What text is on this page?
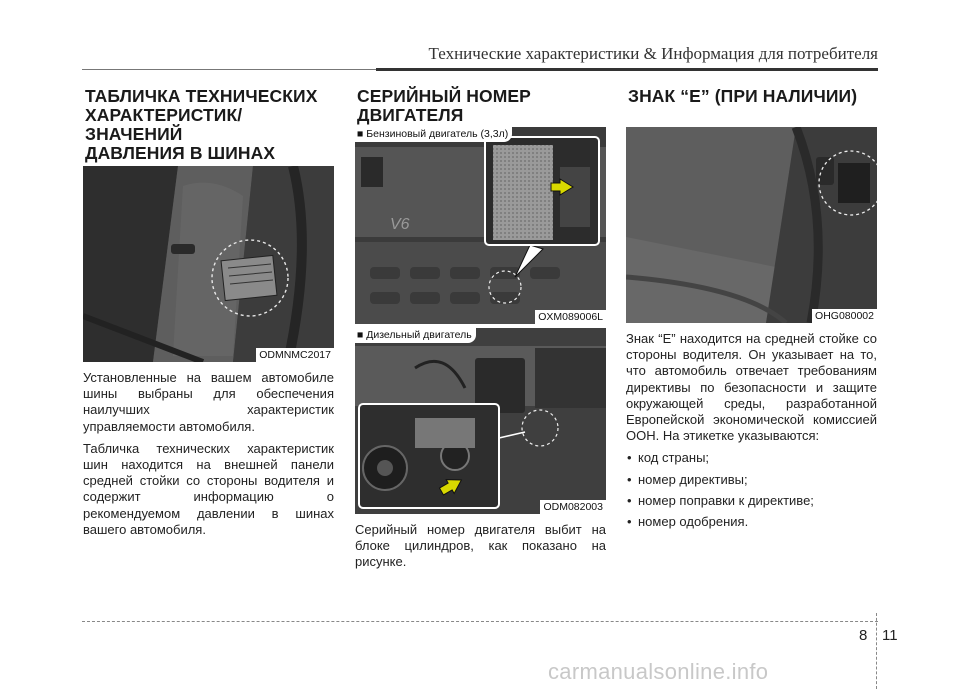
Технические характеристики & Информация для потребителя
ТАБЛИЧКА ТЕХНИЧЕСКИХ
ХАРАКТЕРИСТИК/ЗНАЧЕНИЙ
ДАВЛЕНИЯ В ШИНАХ
ODMNMC2017

Установленные на вашем автомобиле шины выбраны для обеспечения наилучших характеристик управляемости автомобиля.

Табличка технических характеристик шин находится на внешней панели средней стойки со стороны водителя и содержит информацию о рекомендуемом давлении в шинах вашего автомобиля.

СЕРИЙНЫЙ НОМЕР
ДВИГАТЕЛЯ
V6
■ Бензиновый двигатель (3,3л)
OXM089006L
■ Дизельный двигатель
ODM082003

Серийный номер двигателя выбит на блоке цилиндров, как показано на рисунке.

ЗНАК “E” (ПРИ НАЛИЧИИ)
OHG080002

Знак “E” находится на средней стойке со стороны водителя. Он указывает на то, что автомобиль отвечает требованиям директивы по безопасности и защите окружающей среды, разработанной Европейской экономической комиссией ООН. На этикетке указываются:

• код страны;
• номер директивы;
• номер поправки к директиве;
• номер одобрения.
8 11
carmanualsonline.info
